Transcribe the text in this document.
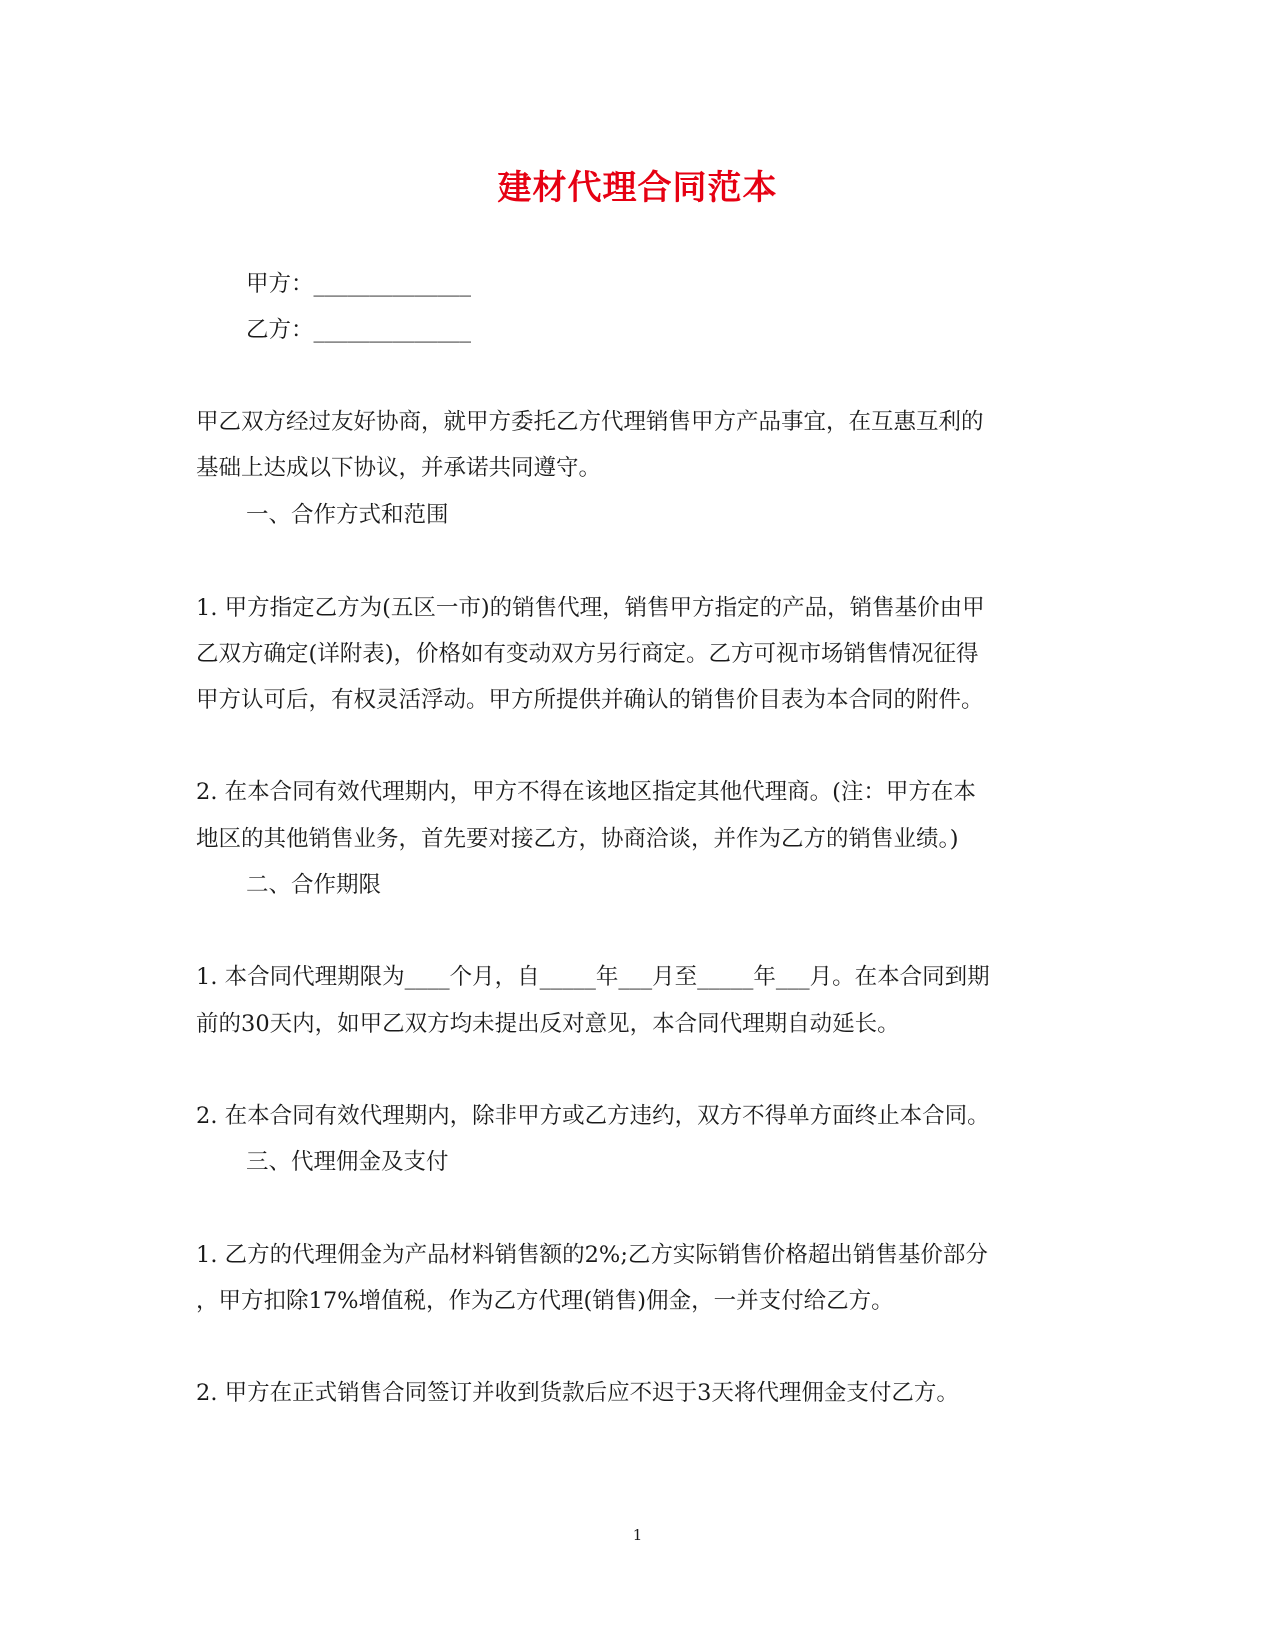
建材代理合同范本
甲方：______________
乙方：______________
甲乙双方经过友好协商，就甲方委托乙方代理销售甲方产品事宜，在互惠互利的
基础上达成以下协议，并承诺共同遵守。
一、合作方式和范围
1. 甲方指定乙方为(五区一市)的销售代理，销售甲方指定的产品，销售基价由甲
乙双方确定(详附表)，价格如有变动双方另行商定。乙方可视市场销售情况征得
甲方认可后，有权灵活浮动。甲方所提供并确认的销售价目表为本合同的附件。
2. 在本合同有效代理期内，甲方不得在该地区指定其他代理商。(注：甲方在本
地区的其他销售业务，首先要对接乙方，协商洽谈，并作为乙方的销售业绩。)
二、合作期限
1. 本合同代理期限为____个月，自_____年___月至_____年___月。在本合同到期
前的30天内，如甲乙双方均未提出反对意见，本合同代理期自动延长。
2. 在本合同有效代理期内，除非甲方或乙方违约，双方不得单方面终止本合同。
三、代理佣金及支付
1. 乙方的代理佣金为产品材料销售额的2%;乙方实际销售价格超出销售基价部分
，甲方扣除17%增值税，作为乙方代理(销售)佣金，一并支付给乙方。
2. 甲方在正式销售合同签订并收到货款后应不迟于3天将代理佣金支付乙方。
1
